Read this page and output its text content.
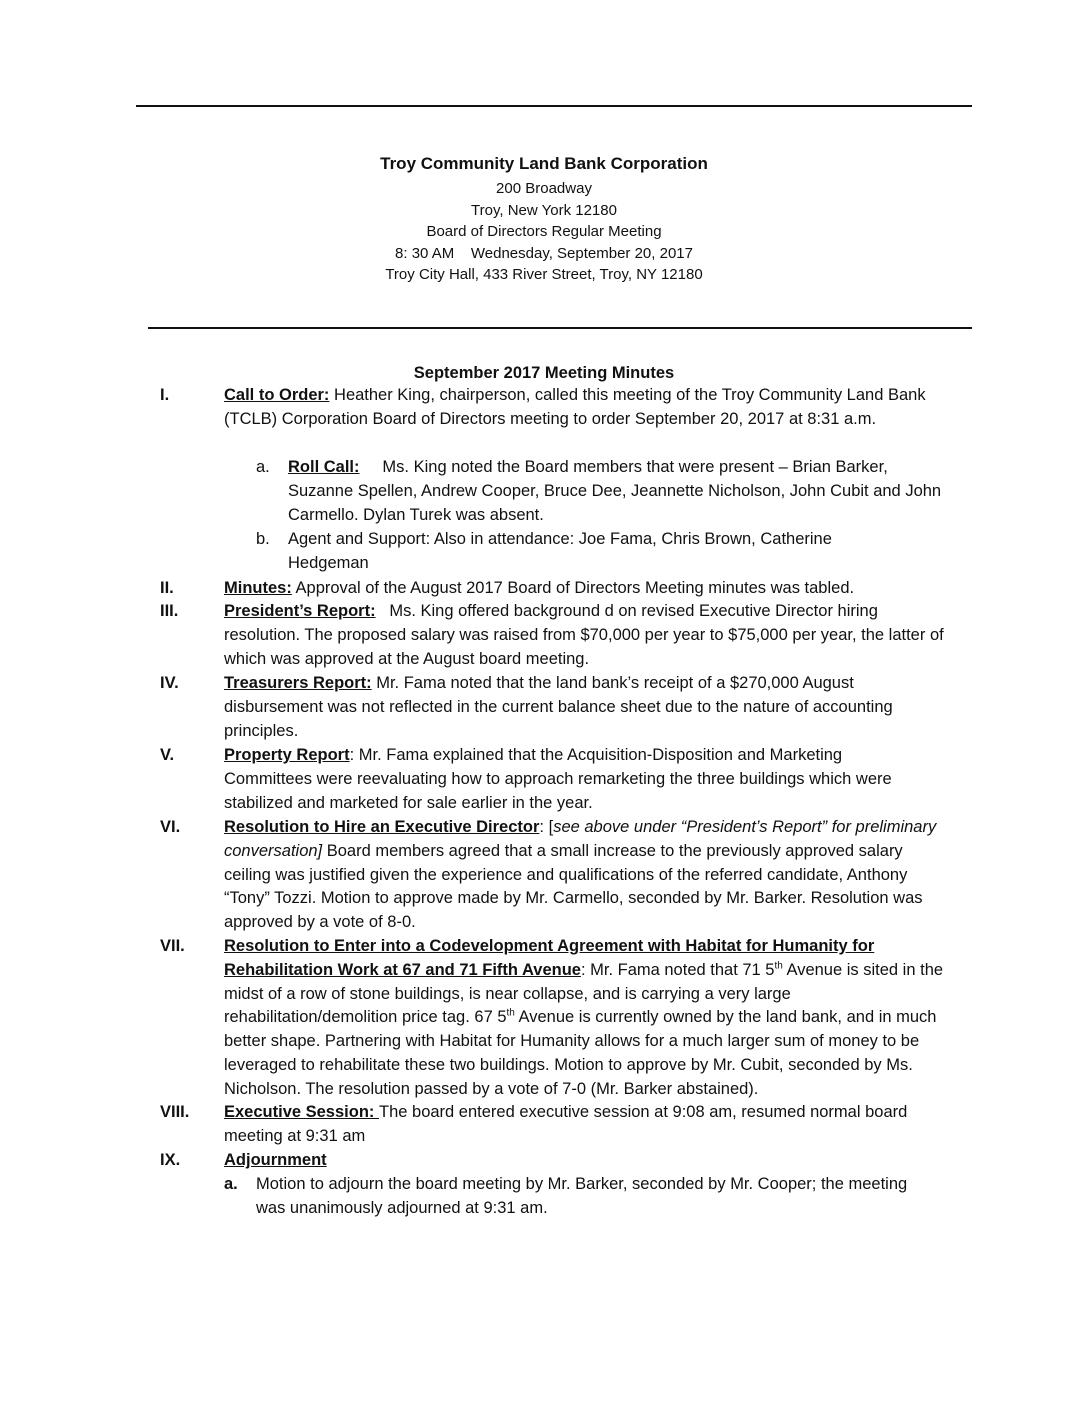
Troy Community Land Bank Corporation
200 Broadway
Troy, New York 12180
Board of Directors Regular Meeting
8: 30 AM    Wednesday, September 20, 2017
Troy City Hall, 433 River Street, Troy, NY 12180
September 2017 Meeting Minutes
I.	Call to Order: Heather King, chairperson, called this meeting of the Troy Community Land Bank (TCLB) Corporation Board of Directors meeting to order September 20, 2017 at 8:31 a.m.
a. Roll Call:     Ms. King noted the Board members that were present – Brian Barker, Suzanne Spellen, Andrew Cooper, Bruce Dee, Jeannette Nicholson, John Cubit and John Carmello. Dylan Turek was absent.
b. Agent and Support: Also in attendance: Joe Fama, Chris Brown, Catherine Hedgeman
II.	Minutes: Approval of the August 2017 Board of Directors Meeting minutes was tabled.
III.	President’s Report:   Ms. King offered background d on revised Executive Director hiring resolution. The proposed salary was raised from $70,000 per year to $75,000 per year, the latter of which was approved at the August board meeting.
IV.	Treasurers Report: Mr. Fama noted that the land bank’s receipt of a $270,000 August disbursement was not reflected in the current balance sheet due to the nature of accounting principles.
V.	Property Report: Mr. Fama explained that the Acquisition-Disposition and Marketing Committees were reevaluating how to approach remarketing the three buildings which were stabilized and marketed for sale earlier in the year.
VI.	Resolution to Hire an Executive Director: [see above under “President’s Report” for preliminary conversation] Board members agreed that a small increase to the previously approved salary ceiling was justified given the experience and qualifications of the referred candidate, Anthony “Tony” Tozzi. Motion to approve made by Mr. Carmello, seconded by Mr. Barker. Resolution was approved by a vote of 8-0.
VII. Resolution to Enter into a Codevelopment Agreement with Habitat for Humanity for Rehabilitation Work at 67 and 71 Fifth Avenue: Mr. Fama noted that 71 5th Avenue is sited in the midst of a row of stone buildings, is near collapse, and is carrying a very large rehabilitation/demolition price tag. 67 5th Avenue is currently owned by the land bank, and in much better shape. Partnering with Habitat for Humanity allows for a much larger sum of money to be leveraged to rehabilitate these two buildings. Motion to approve by Mr. Cubit, seconded by Ms. Nicholson. The resolution passed by a vote of 7-0 (Mr. Barker abstained).
VIII. Executive Session: The board entered executive session at 9:08 am, resumed normal board meeting at 9:31 am
IX.	Adjournment
a. Motion to adjourn the board meeting by Mr. Barker, seconded by Mr. Cooper; the meeting was unanimously adjourned at 9:31 am.
